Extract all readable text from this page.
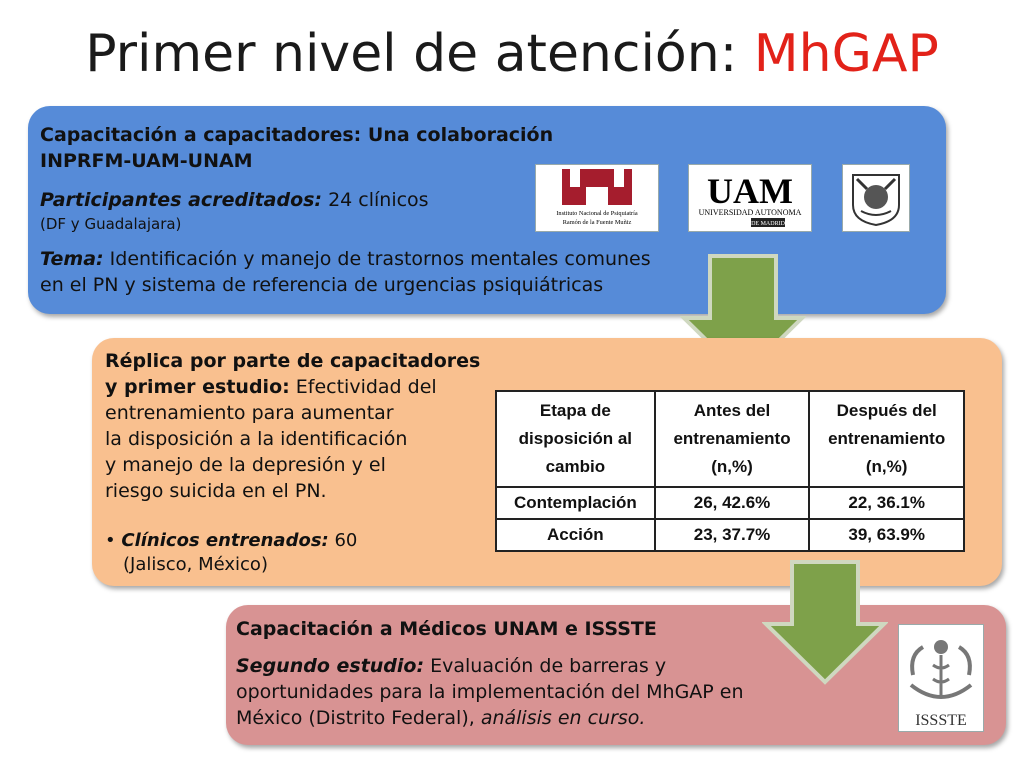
Primer nivel de atención: MhGAP
Capacitación a capacitadores: Una colaboración
INPRFM-UAM-UNAM
Participantes acreditados: 24 clínicos
(DF y Guadalajara)
Tema: Identificación y manejo de trastornos mentales comunes
en el PN y sistema de referencia de urgencias psiquiátricas
Instituto Nacional de Psiquiatría
Ramón de la Fuente Muñiz
UAM
UNIVERSIDAD AUTONOMA
DE MADRID
Réplica por parte de capacitadores
y primer estudio: Efectividad del
entrenamiento para aumentar
la disposición a la identificación
y manejo de la depresión y el
riesgo suicida en el PN.
• Clínicos entrenados: 60
(Jalisco, México)
Etapa de disposición al cambio	Antes del entrenamiento (n,%)	Después del entrenamiento (n,%)
Contemplación	26, 42.6%	22, 36.1%
Acción	23, 37.7%	39, 63.9%
Capacitación a Médicos UNAM e ISSSTE
Segundo estudio: Evaluación de barreras y
oportunidades para la implementación del MhGAP en
México (Distrito Federal), análisis en curso.	ISSSTE
